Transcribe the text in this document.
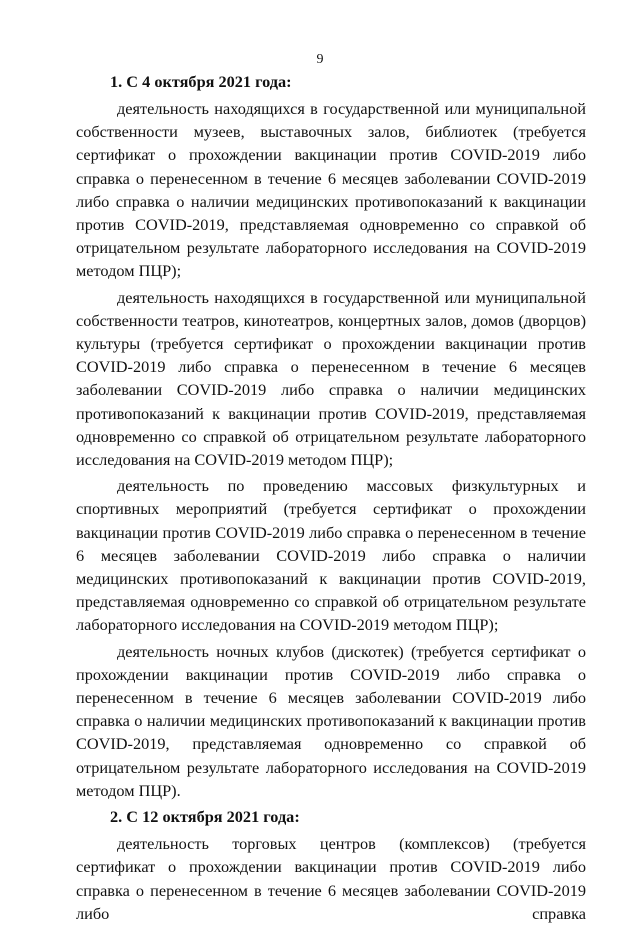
9

1. С 4 октября 2021 года:

деятельность находящихся в государственной или муниципальной собственности музеев, выставочных залов, библиотек (требуется сертификат о прохождении вакцинации против COVID-2019 либо справка о перенесенном в течение 6 месяцев заболевании COVID-2019 либо справка о наличии медицинских противопоказаний к вакцинации против COVID-2019, представляемая одновременно со справкой об отрицательном результате лабораторного исследования на COVID-2019 методом ПЦР);

деятельность находящихся в государственной или муниципальной собственности театров, кинотеатров, концертных залов, домов (дворцов) культуры (требуется сертификат о прохождении вакцинации против COVID-2019 либо справка о перенесенном в течение 6 месяцев заболевании COVID-2019 либо справка о наличии медицинских противопоказаний к вакцинации против COVID-2019, представляемая одновременно со справкой об отрицательном результате лабораторного исследования на COVID-2019 методом ПЦР);

деятельность по проведению массовых физкультурных и спортивных мероприятий (требуется сертификат о прохождении вакцинации против COVID-2019 либо справка о перенесенном в течение 6 месяцев заболевании COVID-2019 либо справка о наличии медицинских противопоказаний к вакцинации против COVID-2019, представляемая одновременно со справкой об отрицательном результате лабораторного исследования на COVID-2019 методом ПЦР);

деятельность ночных клубов (дискотек) (требуется сертификат о прохождении вакцинации против COVID-2019 либо справка о перенесенном в течение 6 месяцев заболевании COVID-2019 либо справка о наличии медицинских противопоказаний к вакцинации против COVID-2019, представляемая одновременно со справкой об отрицательном результате лабораторного исследования на COVID-2019 методом ПЦР).

2. С 12 октября 2021 года:

деятельность торговых центров (комплексов) (требуется сертификат о прохождении вакцинации против COVID-2019 либо справка о перенесенном в течение 6 месяцев заболевании COVID-2019 либо справка
